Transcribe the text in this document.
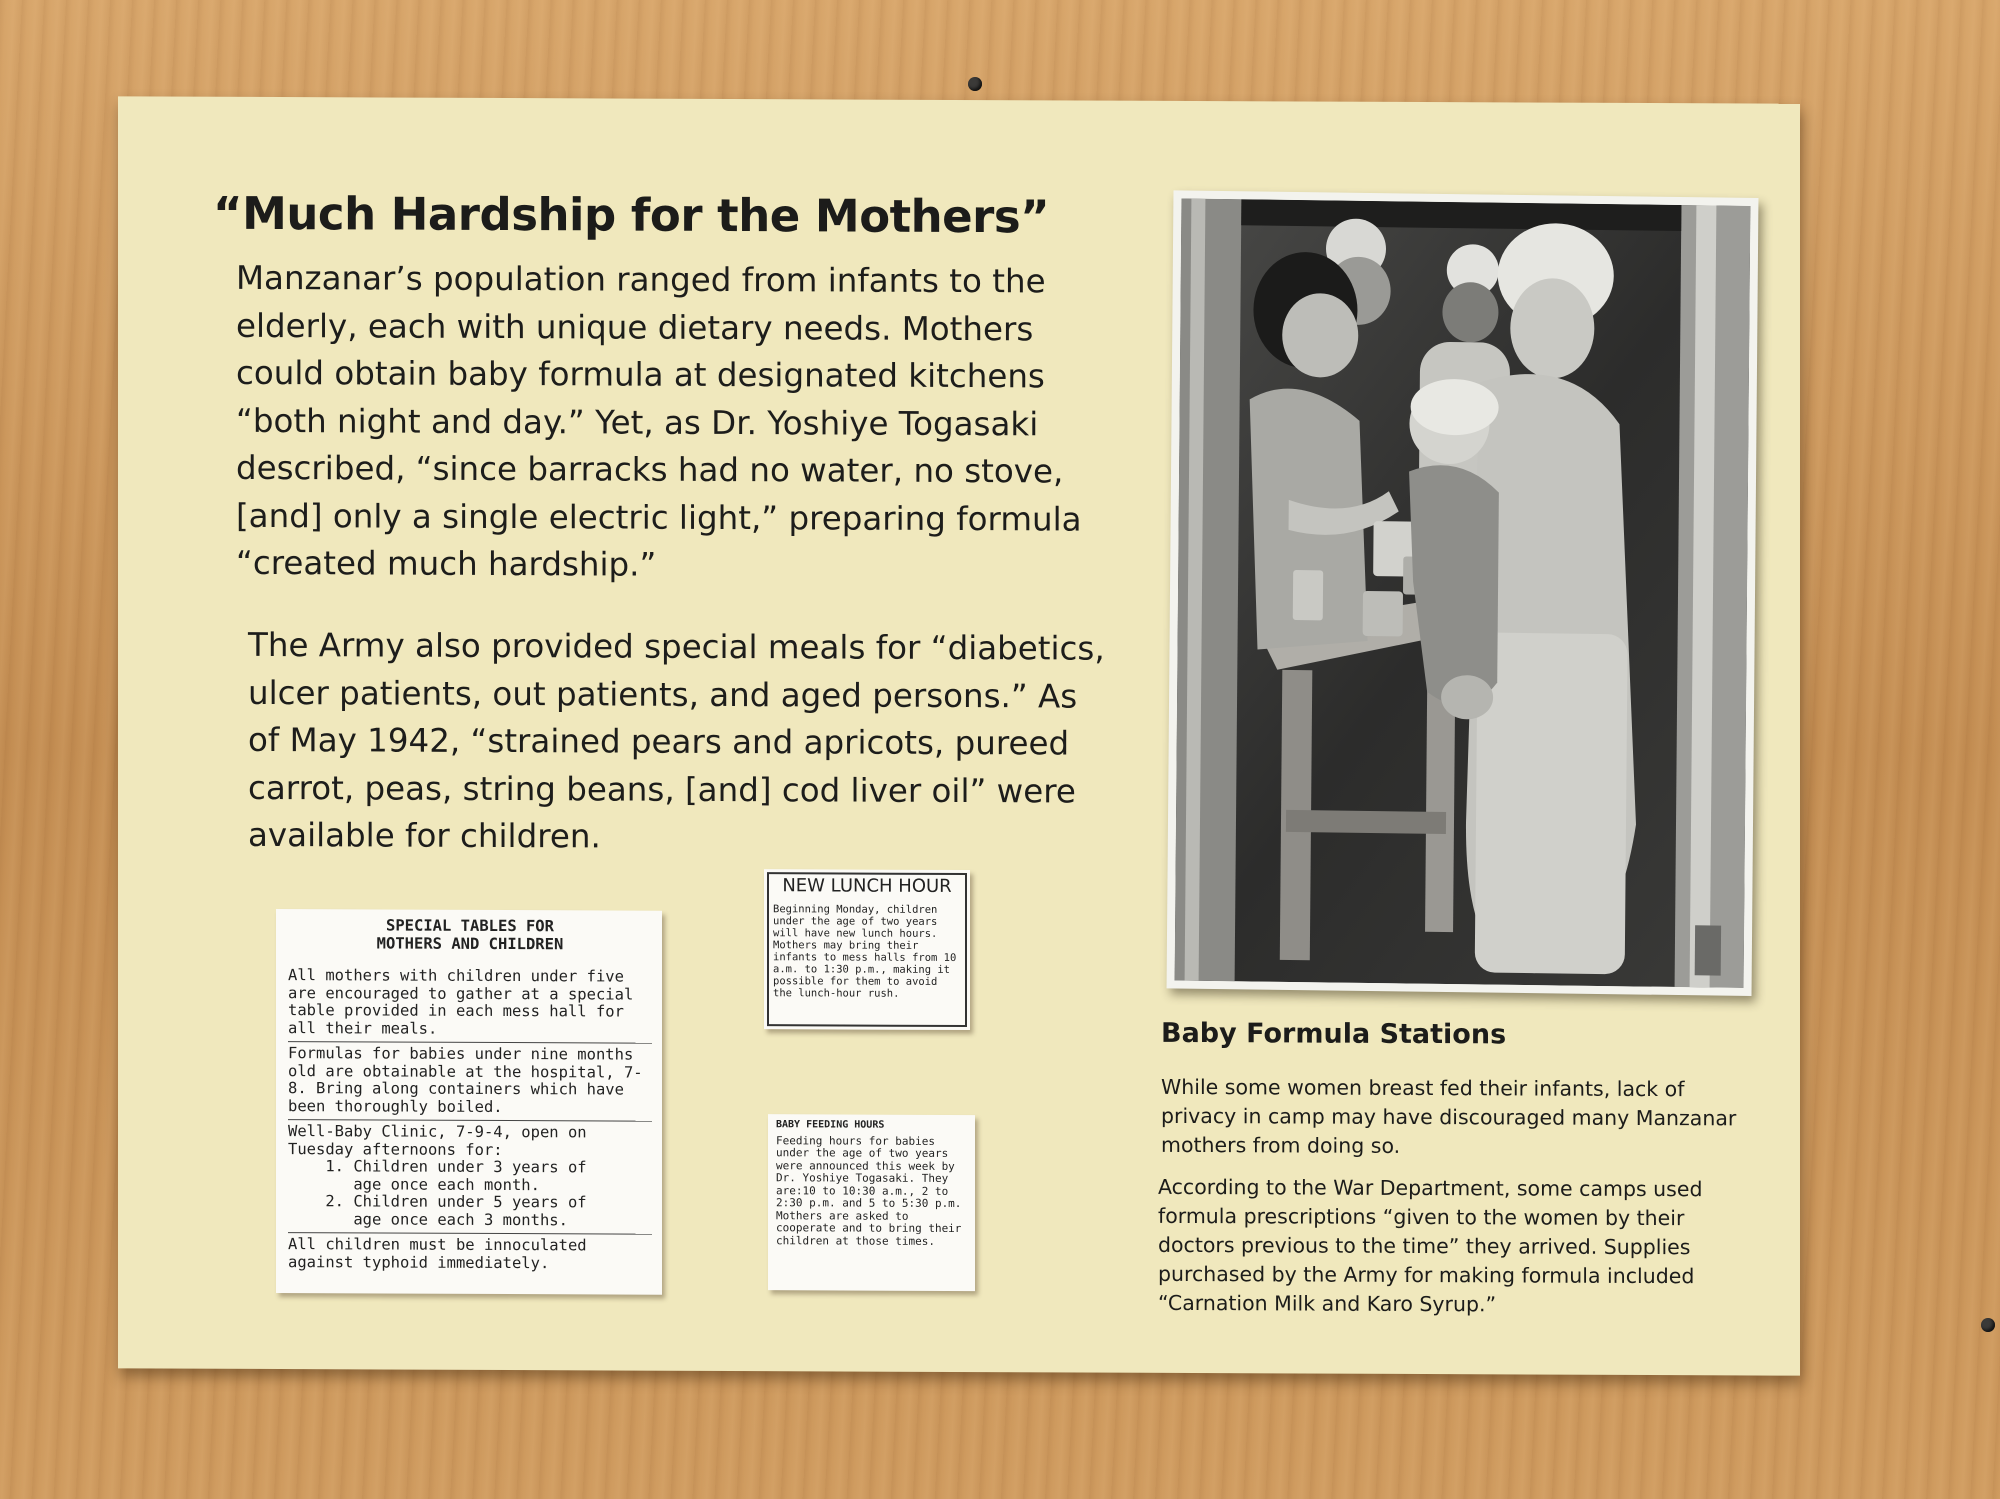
“Much Hardship for the Mothers”

Manzanar’s population ranged from infants to the elderly, each with unique dietary needs. Mothers could obtain baby formula at designated kitchens “both night and day.” Yet, as Dr. Yoshiye Togasaki described, “since barracks had no water, no stove, [and] only a single electric light,” preparing formula “created much hardship.”

The Army also provided special meals for “diabetics, ulcer patients, out patients, and aged persons.” As of May 1942, “strained pears and apricots, pureed carrot, peas, string beans, [and] cod liver oil” were available for children.

SPECIAL TABLES FOR
MOTHERS AND CHILDREN
All mothers with children under five are encouraged to gather at a special table provided in each mess hall for all their meals.
Formulas for babies under nine months old are obtainable at the hospital, 7-8. Bring along containers which have been thoroughly boiled.
Well-Baby Clinic, 7-9-4, open on Tuesday afternoons for:
1. Children under 3 years of
age once each month.
2. Children under 5 years of
age once each 3 months.
All children must be innoculated against typhoid immediately.
NEW LUNCH HOUR
Beginning Monday, children under the age of two years will have new lunch hours. Mothers may bring their infants to mess halls from 10 a.m. to 1:30 p.m., making it possible for them to avoid the lunch-hour rush.
BABY FEEDING HOURS
Feeding hours for babies under the age of two years were announced this week by Dr. Yoshiye Togasaki. They are:10 to 10:30 a.m., 2 to 2:30 p.m. and 5 to 5:30 p.m. Mothers are asked to cooperate and to bring their children at those times.
Baby Formula Stations

While some women breast fed their infants, lack of privacy in camp may have discouraged many Manzanar mothers from doing so.

According to the War Department, some camps used formula prescriptions “given to the women by their doctors previous to the time” they arrived. Supplies purchased by the Army for making formula included “Carnation Milk and Karo Syrup.”
